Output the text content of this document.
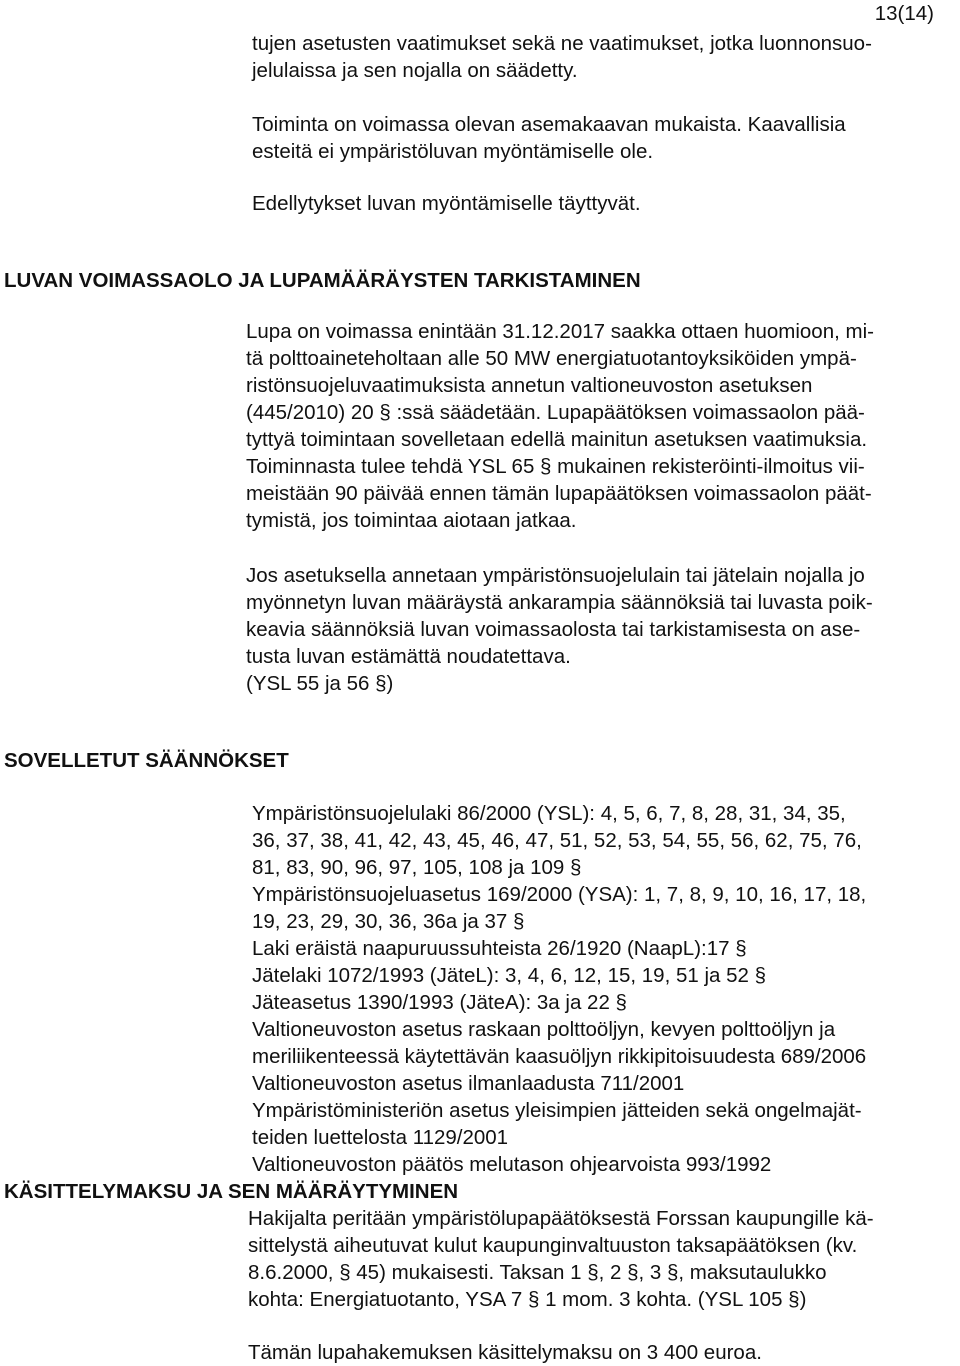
13(14)
tujen asetusten vaatimukset sekä ne vaatimukset, jotka luonnonsuo-
jelulaissa ja sen nojalla on säädetty.
Toiminta on voimassa olevan asemakaavan mukaista. Kaavallisia
esteitä ei ympäristöluvan myöntämiselle ole.
Edellytykset luvan myöntämiselle täyttyvät.
LUVAN VOIMASSAOLO JA LUPAMÄÄRÄYSTEN TARKISTAMINEN
Lupa on voimassa enintään 31.12.2017 saakka ottaen huomioon, mi-
tä polttoaineteholtaan alle 50 MW energiatuotantoyksiköiden ympä-
ristönsuojeluvaatimuksista annetun valtioneuvoston asetuksen
(445/2010) 20 § :ssä säädetään. Lupapäätöksen voimassaolon pää-
tyttyä toimintaan sovelletaan edellä mainitun asetuksen vaatimuksia.
Toiminnasta tulee tehdä YSL 65 § mukainen rekisteröinti-ilmoitus vii-
meistään 90 päivää ennen tämän lupapäätöksen voimassaolon päät-
tymistä, jos toimintaa aiotaan jatkaa.
Jos asetuksella annetaan ympäristönsuojelulain tai jätelain nojalla jo
myönnetyn luvan määräystä ankarampia säännöksiä tai luvasta poik-
keavia säännöksiä luvan voimassaolosta tai tarkistamisesta on ase-
tusta luvan estämättä noudatettava.
(YSL 55 ja 56 §)
SOVELLETUT SÄÄNNÖKSET
Ympäristönsuojelulaki 86/2000 (YSL): 4, 5, 6, 7, 8, 28, 31, 34, 35,
36, 37, 38, 41, 42, 43, 45, 46, 47, 51, 52, 53, 54, 55, 56, 62, 75, 76,
81, 83, 90, 96, 97, 105, 108 ja 109 §
Ympäristönsuojeluasetus 169/2000 (YSA): 1, 7, 8, 9, 10, 16, 17, 18,
19, 23, 29, 30, 36, 36a ja 37 §
Laki eräistä naapuruussuhteista 26/1920 (NaapL):17 §
Jätelaki 1072/1993 (JäteL): 3, 4, 6, 12, 15, 19, 51 ja 52 §
Jäteasetus 1390/1993 (JäteA): 3a ja 22 §
Valtioneuvoston asetus raskaan polttoöljyn, kevyen polttoöljyn ja
meriliikenteessä käytettävän kaasuöljyn rikkipitoisuudesta 689/2006
Valtioneuvoston asetus ilmanlaadusta 711/2001
Ympäristöministeriön asetus yleisimpien jätteiden sekä ongelmajät-
teiden luettelosta 1129/2001
Valtioneuvoston päätös melutason ohjearvoista 993/1992
KÄSITTELYMAKSU JA SEN MÄÄRÄYTYMINEN
Hakijalta peritään ympäristölupapäätöksestä Forssan kaupungille kä-
sittelystä aiheutuvat kulut kaupunginvaltuuston taksapäätöksen (kv.
8.6.2000, § 45) mukaisesti. Taksan 1 §, 2 §, 3 §, maksutaulukko
kohta: Energiatuotanto, YSA 7 § 1 mom. 3 kohta. (YSL 105 §)
Tämän lupahakemuksen käsittelymaksu on 3 400 euroa.
